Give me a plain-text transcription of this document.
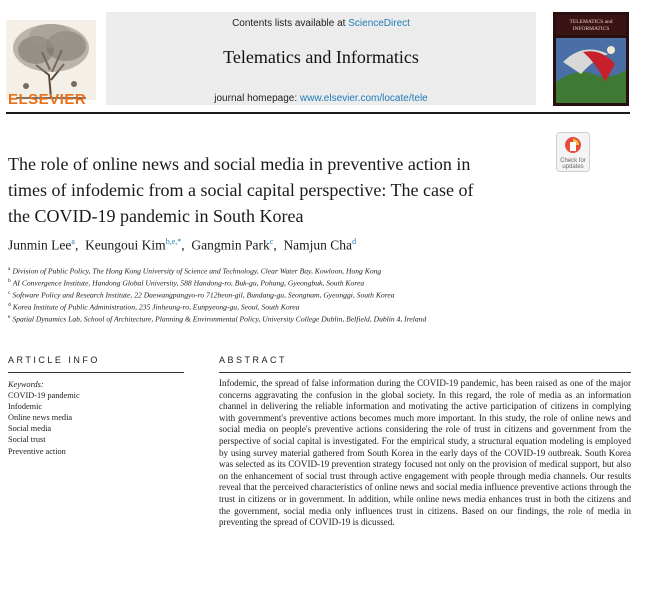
ELSEVIER
Contents lists available at ScienceDirect
Telematics and Informatics
journal homepage: www.elsevier.com/locate/tele
TELEMATICS and
INFORMATICS
Check for
updates
The role of online news and social media in preventive action in
times of infodemic from a social capital perspective: The case of
the COVID-19 pandemic in South Korea
Junmin Lee$^a$,  Keungoui Kim$^{b,e,*}$,  Gangmin Park$^c$,  Namjun Cha$^d$
$^a$ Division of Public Policy, The Hong Kong University of Science and Technology, Clear Water Bay, Kowloon, Hong Kong
$^b$ AI Convergence Institute, Handong Global University, 588 Handong-ro, Buk-gu, Pohang, Gyeongbuk, South Korea
$^c$ Software Policy and Research Institute, 22 Daewangpangyo-ro 712beon-gil, Bundang-gu, Seongnam, Gyeonggi, South Korea
$^d$ Korea Institute of Public Administration, 235 Jinheung-ro, Eunpyeong-gu, Seoul, South Korea
$^e$ Spatial Dynamics Lab, School of Architecture, Planning & Environmental Policy, University College Dublin, Belfield, Dublin 4, Ireland
ARTICLE INFO
Keywords:
COVID-19 pandemic
Infodemic
Online news media
Social media
Social trust
Preventive action
ABSTRACT
Infodemic, the spread of false information during the COVID-19 pandemic, has been raised as one of the major concerns aggravating the confusion in the global society. In this regard, the role of media as an information channel in delivering the reliable information and motivating the active participation of citizens in complying with government's preventive actions becomes much more important. In this study, the role of online news and social media on people's preventive actions considering the role of trust in citizens and government from the perspective of social capital is investigated. For the empirical study, a structural equation modeling is employed by using survey material gathered from South Korea in the early days of the COVID-19 outbreak. South Korea was selected as its COVID-19 prevention strategy focused not only on the provision of medical support, but also on the enhancement of social trust through active engagement with people through media channels. Our results reveal that the perceived characteristics of online news and social media influence preventive actions through the trust in citizens or in government. In addition, while online news media enhances trust in both the citizens and the government, social media only influences trust in citizens. Based on our findings, the role of media in preventing the spread of COVID-19 is dicussed.
